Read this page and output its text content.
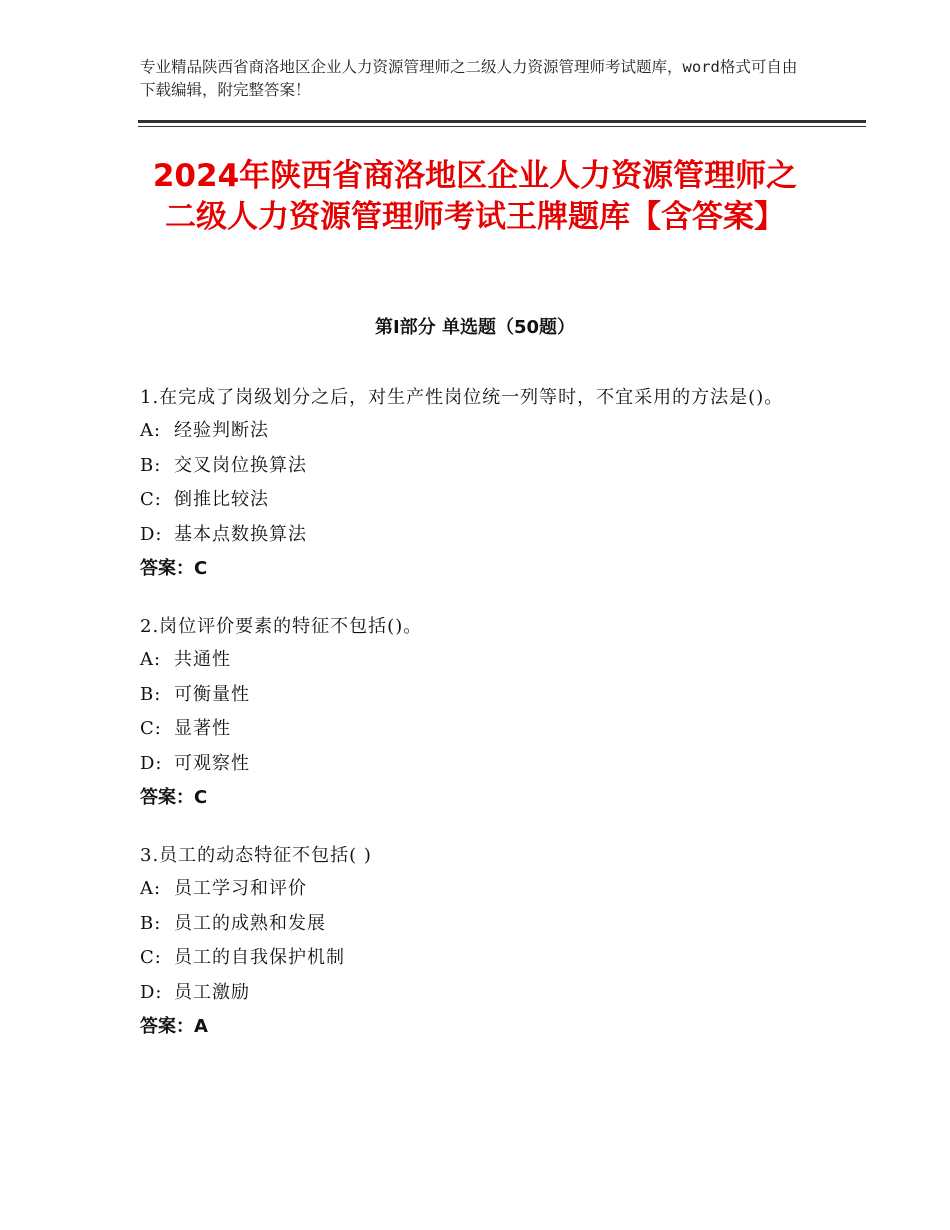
专业精品陕西省商洛地区企业人力资源管理师之二级人力资源管理师考试题库，word格式可自由下载编辑，附完整答案！
2024年陕西省商洛地区企业人力资源管理师之二级人力资源管理师考试王牌题库【含答案】
第Ⅰ部分 单选题（50题）
1.在完成了岗级划分之后，对生产性岗位统一列等时，不宜采用的方法是()。
A: 经验判断法
B: 交叉岗位换算法
C: 倒推比较法
D: 基本点数换算法
答案：C
2.岗位评价要素的特征不包括()。
A: 共通性
B: 可衡量性
C: 显著性
D: 可观察性
答案：C
3.员工的动态特征不包括( )
A: 员工学习和评价
B: 员工的成熟和发展
C: 员工的自我保护机制
D: 员工激励
答案：A
